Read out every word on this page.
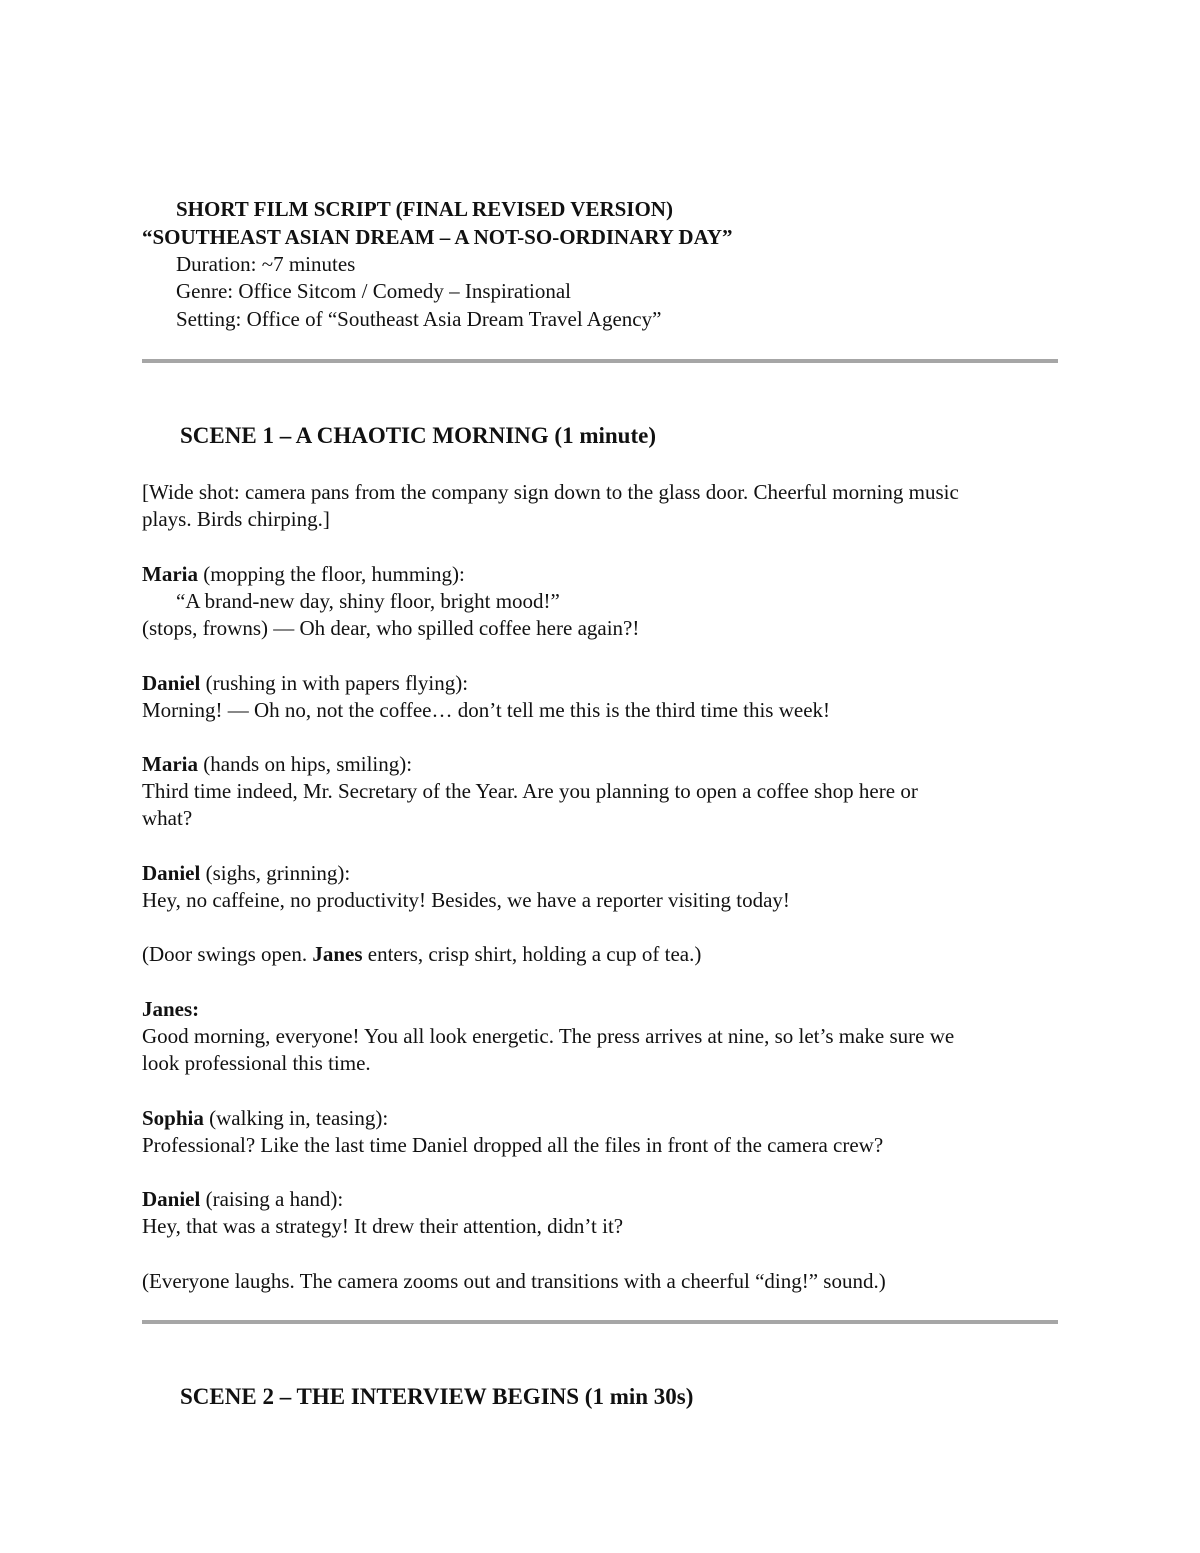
SHORT FILM SCRIPT (FINAL REVISED VERSION)

“SOUTHEAST ASIAN DREAM – A NOT-SO-ORDINARY DAY”

Duration: ~7 minutes

Genre: Office Sitcom / Comedy – Inspirational

Setting: Office of “Southeast Asia Dream Travel Agency”

SCENE 1 – A CHAOTIC MORNING (1 minute)

[Wide shot: camera pans from the company sign down to the glass door. Cheerful morning music

plays. Birds chirping.]

Maria (mopping the floor, humming):

“A brand-new day, shiny floor, bright mood!”

(stops, frowns) — Oh dear, who spilled coffee here again?!

Daniel (rushing in with papers flying):

Morning! — Oh no, not the coffee… don’t tell me this is the third time this week!

Maria (hands on hips, smiling):

Third time indeed, Mr. Secretary of the Year. Are you planning to open a coffee shop here or

what?

Daniel (sighs, grinning):

Hey, no caffeine, no productivity! Besides, we have a reporter visiting today!

(Door swings open. Janes enters, crisp shirt, holding a cup of tea.)

Janes:

Good morning, everyone! You all look energetic. The press arrives at nine, so let’s make sure we

look professional this time.

Sophia (walking in, teasing):

Professional? Like the last time Daniel dropped all the files in front of the camera crew?

Daniel (raising a hand):

Hey, that was a strategy! It drew their attention, didn’t it?

(Everyone laughs. The camera zooms out and transitions with a cheerful “ding!” sound.)

SCENE 2 – THE INTERVIEW BEGINS (1 min 30s)
